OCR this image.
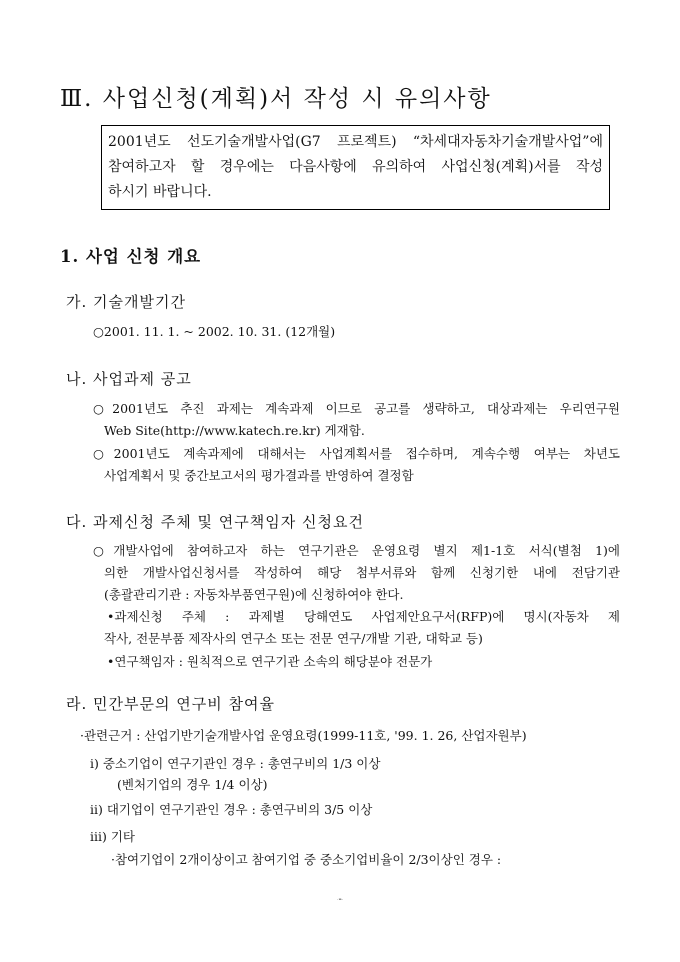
Ⅲ. 사업신청(계획)서 작성 시 유의사항
2001년도 선도기술개발사업(G7 프로젝트) “차세대자동차기술개발사업”에
참여하고자 할 경우에는 다음사항에 유의하여 사업신청(계획)서를 작성
하시기 바랍니다.
1. 사업 신청 개요
가. 기술개발기간
○2001. 11. 1. ~ 2002. 10. 31. (12개월)
나. 사업과제 공고
○2001년도 추진 과제는 계속과제 이므로 공고를 생략하고, 대상과제는 우리연구원
Web Site(http://www.katech.re.kr) 게재함.
○2001년도 계속과제에 대해서는 사업계획서를 접수하며, 계속수행 여부는 차년도
사업계획서 및 중간보고서의 평가결과를 반영하여 결정함
다. 과제신청 주체 및 연구책임자 신청요건
○개발사업에 참여하고자 하는 연구기관은 운영요령 별지 제1-1호 서식(별첨 1)에
의한 개발사업신청서를 작성하여 해당 첨부서류와 함께 신청기한 내에 전담기관
(총괄관리기관 : 자동차부품연구원)에 신청하여야 한다.
•과제신청 주체 : 과제별 당해연도 사업제안요구서(RFP)에 명시(자동차 제
작사, 전문부품 제작사의 연구소 또는 전문 연구/개발 기관, 대학교 등)
•연구책임자 : 원칙적으로 연구기관 소속의 해당분야 전문가
라. 민간부문의 연구비 참여율
·관련근거 : 산업기반기술개발사업 운영요령(1999-11호, '99. 1. 26, 산업자원부)
ⅰ) 중소기업이 연구기관인 경우 : 총연구비의 1/3 이상
(벤처기업의 경우 1/4 이상)
ⅱ) 대기업이 연구기관인 경우 : 총연구비의 3/5 이상
ⅲ) 기타
·참여기업이 2개이상이고 참여기업 중 중소기업비율이 2/3이상인 경우 :
- 10 -
